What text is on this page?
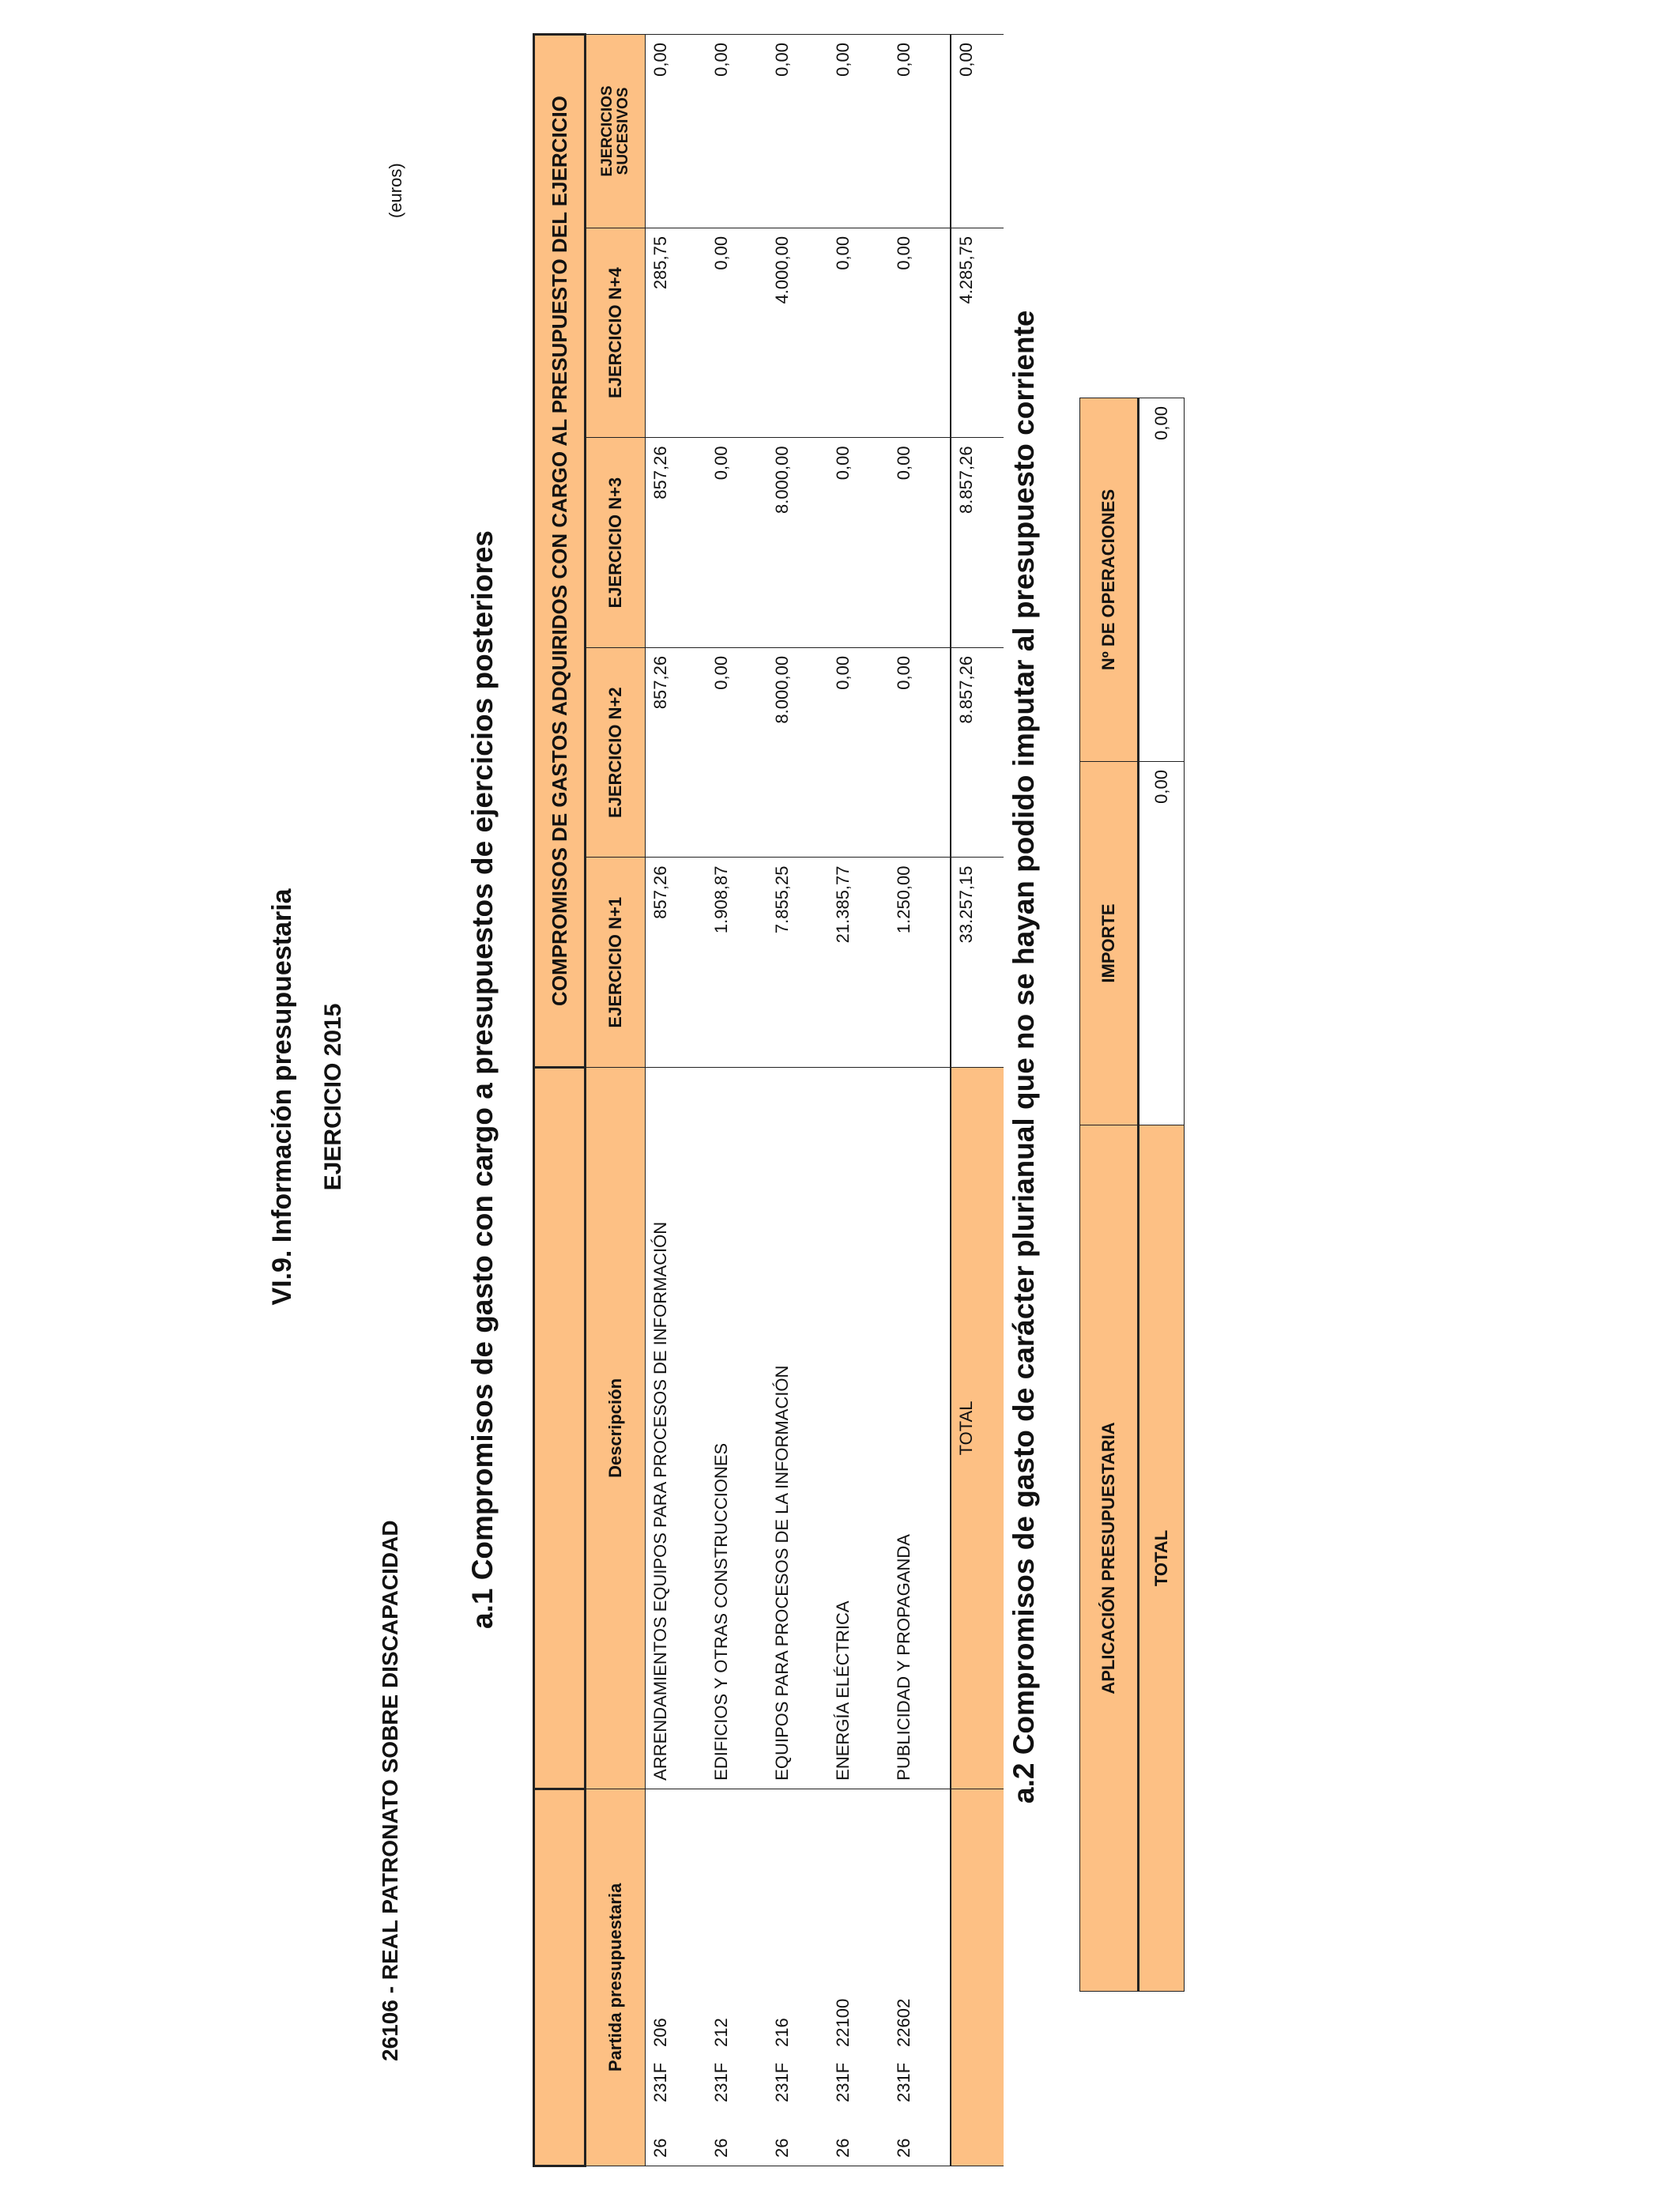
VI.9. Información presupuestaria EJERCICIO 2015
26106 - REAL PATRONATO SOBRE DISCAPACIDAD
(euros)
a.1 Compromisos de gasto con cargo a presupuestos de ejercicios posteriores
		COMPROMISOS DE GASTOS ADQUIRIDOS CON CARGO AL PRESUPUESTO DEL EJERCICIO				
Partida presupuestaria	Descripción	EJERCICIO N+1	EJERCICIO N+2	EJERCICIO N+3	EJERCICIO N+4	EJERCICIOS SUCESIVOS

26231F206	ARRENDAMIENTOS EQUIPOS PARA PROCESOS DE INFORMACIÓN	857,26	857,26	857,26	285,75	0,00
26231F212	EDIFICIOS Y OTRAS CONSTRUCCIONES	1.908,87	0,00	0,00	0,00	0,00
26231F216	EQUIPOS PARA PROCESOS DE LA INFORMACIÓN	7.855,25	8.000,00	8.000,00	4.000,00	0,00
26231F22100	ENERGÍA ELÉCTRICA	21.385,77	0,00	0,00	0,00	0,00
26231F22602	PUBLICIDAD Y PROPAGANDA	1.250,00	0,00	0,00	0,00	0,00
	TOTAL	33.257,15	8.857,26	8.857,26	4.285,75	0,00
a.2 Compromisos de gasto de carácter plurianual que no se hayan podido imputar al presupuesto corriente	APLICACIÓN PRESUPUESTARIA	IMPORTE	Nº DE OPERACIONES
TOTAL	0,00	0,00
